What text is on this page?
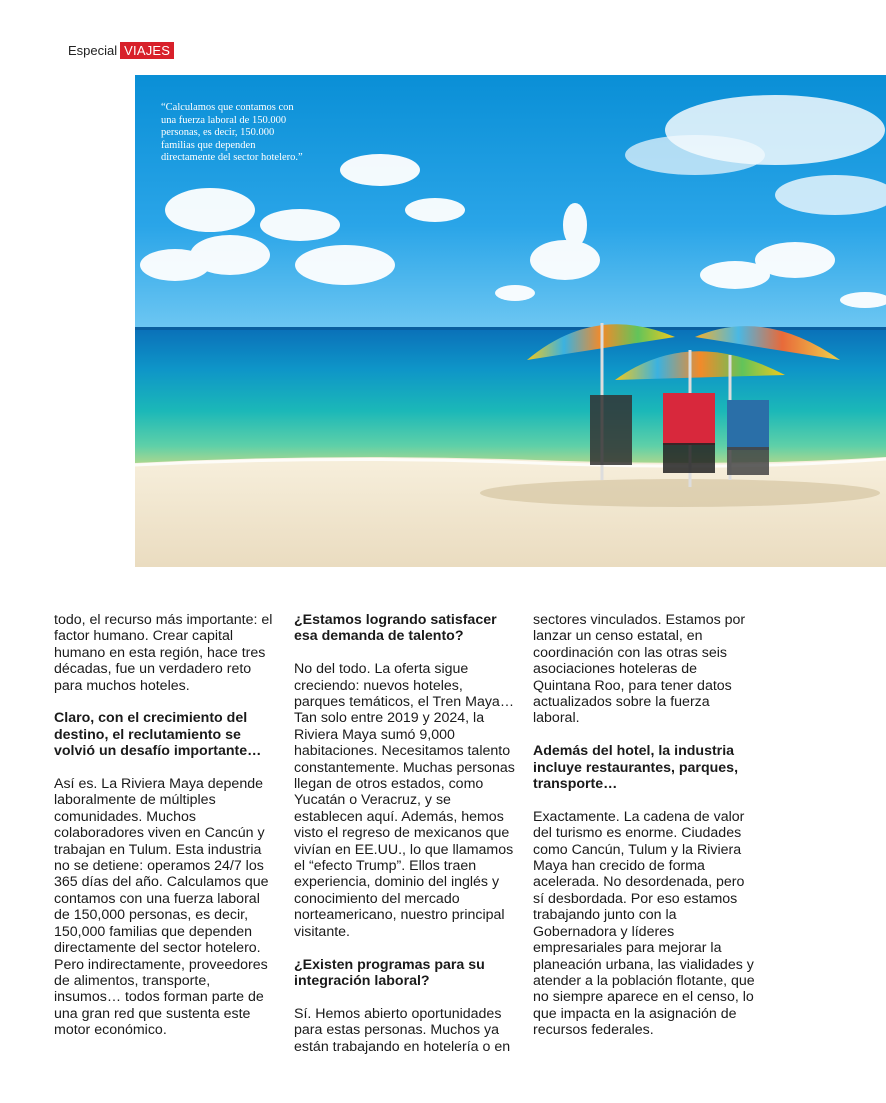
Especial VIAJES
“Calculamos que contamos con una fuerza laboral de 150.000 personas, es decir, 150.000 familias que dependen directamente del sector hotelero.”

todo, el recurso más importante: el factor humano. Crear capital humano en esta región, hace tres décadas, fue un verdadero reto para muchos hoteles.

Claro, con el crecimiento del destino, el reclutamiento se volvió un desafío importante…

Así es. La Riviera Maya depende laboralmente de múltiples comunidades. Muchos colaboradores viven en Cancún y trabajan en Tulum. Esta industria no se detiene: operamos 24/7 los 365 días del año. Calculamos que contamos con una fuerza laboral de 150,000 personas, es decir, 150,000 familias que dependen directamente del sector hotelero. Pero indirectamente, proveedores de alimentos, transporte, insumos… todos forman parte de una gran red que sustenta este motor económico.

¿Estamos logrando satisfacer esa demanda de talento?

No del todo. La oferta sigue creciendo: nuevos hoteles, parques temáticos, el Tren Maya… Tan solo entre 2019 y 2024, la Riviera Maya sumó 9,000 habitaciones. Necesitamos talento constantemente. Muchas personas llegan de otros estados, como Yucatán o Veracruz, y se establecen aquí. Además, hemos visto el regreso de mexicanos que vivían en EE.UU., lo que llamamos el “efecto Trump”. Ellos traen experiencia, dominio del inglés y conocimiento del mercado norteamericano, nuestro principal visitante.

¿Existen programas para su integración laboral?

Sí. Hemos abierto oportunidades para estas personas. Muchos ya están trabajando en hotelería o en

sectores vinculados. Estamos por lanzar un censo estatal, en coordinación con las otras seis asociaciones hoteleras de Quintana Roo, para tener datos actualizados sobre la fuerza laboral.

Además del hotel, la industria incluye restaurantes, parques, transporte…

Exactamente. La cadena de valor del turismo es enorme. Ciudades como Cancún, Tulum y la Riviera Maya han crecido de forma acelerada. No desordenada, pero sí desbordada. Por eso estamos trabajando junto con la Gobernadora y líderes empresariales para mejorar la planeación urbana, las vialidades y atender a la población flotante, que no siempre aparece en el censo, lo que impacta en la asignación de recursos federales.
